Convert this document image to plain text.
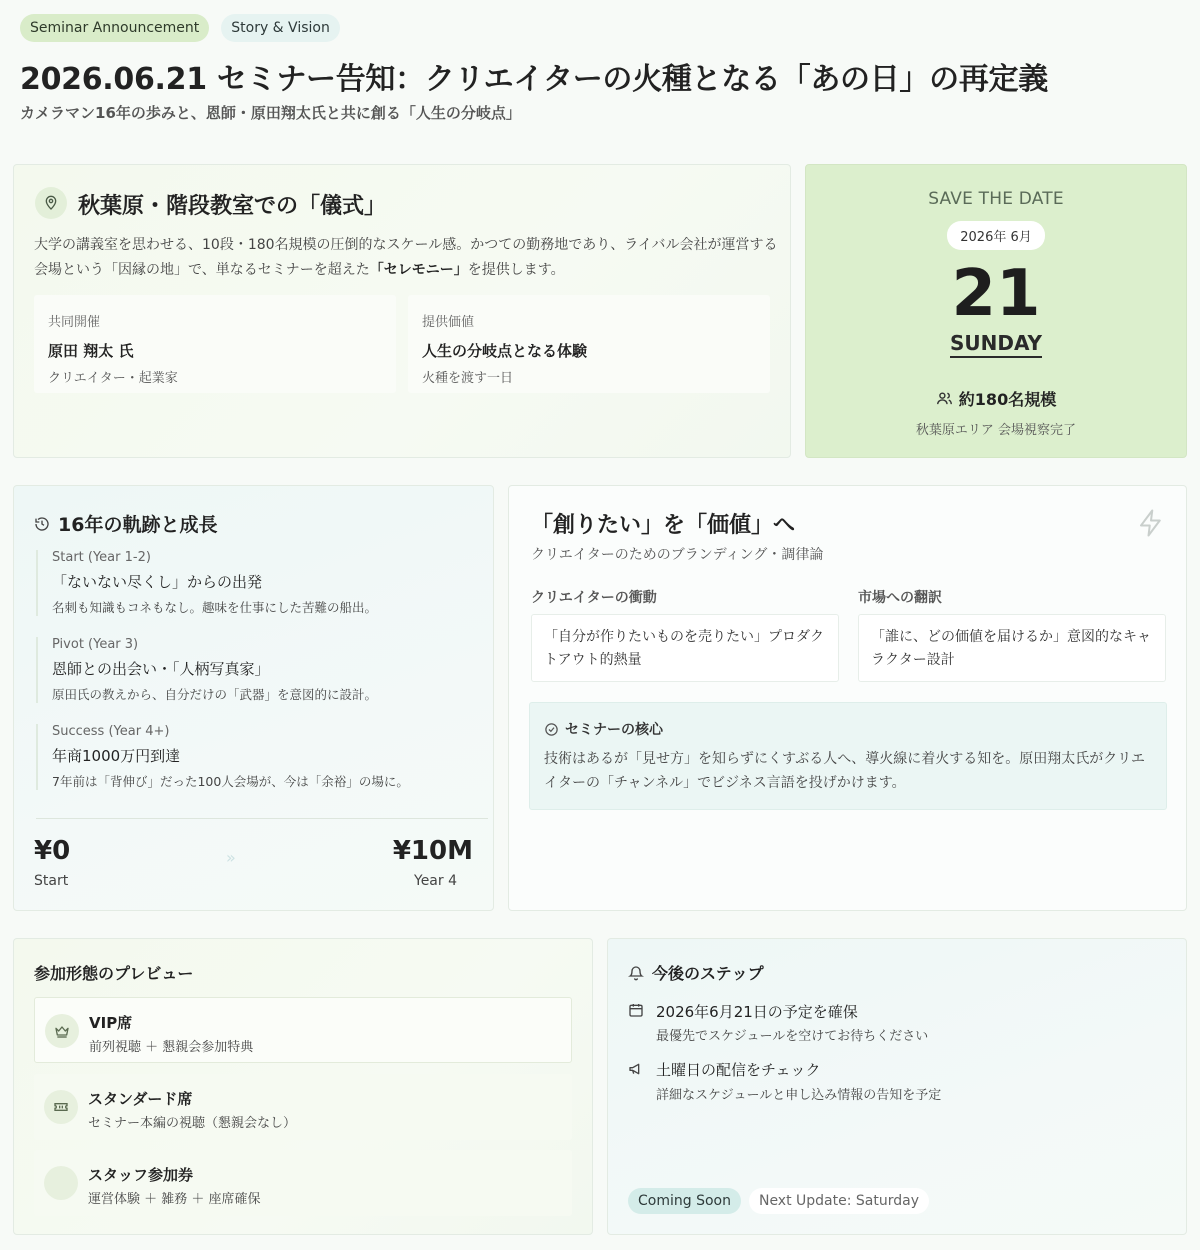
Seminar Announcement	Story & Vision
2026.06.21 セミナー告知：クリエイターの火種となる「あの日」の再定義
カメラマン16年の歩みと、恩師・原田翔太氏と共に創る「人生の分岐点」
秋葉原・階段教室での「儀式」

大学の講義室を思わせる、10段・180名規模の圧倒的なスケール感。かつての勤務地であり、ライバル会社が運営する会場という「因縁の地」で、単なるセミナーを超えた「セレモニー」を提供します。

共同開催
原田 翔太 氏
クリエイター・起業家
提供価値
人生の分岐点となる体験
火種を渡す一日
SAVE THE DATE
2026年 6月
21
SUNDAY
約180名規模
秋葉原エリア 会場視察完了
16年の軌跡と成長
Start (Year 1-2)
「ないない尽くし」からの出発
名刺も知識もコネもなし。趣味を仕事にした苦難の船出。
Pivot (Year 3)
恩師との出会い・「人柄写真家」
原田氏の教えから、自分だけの「武器」を意図的に設計。
Success (Year 4+)
年商1000万円到達
7年前は「背伸び」だった100人会場が、今は「余裕」の場に。
¥0
Start
»	¥10M
Year 4
「創りたい」を「価値」へ
クリエイターのためのブランディング・調律論
クリエイターの衝動
「自分が作りたいものを売りたい」プロダクトアウト的熱量
市場への翻訳
「誰に、どの価値を届けるか」意図的なキャラクター設計
セミナーの核心
技術はあるが「見せ方」を知らずにくすぶる人へ、導火線に着火する知を。原田翔太氏がクリエイターの「チャンネル」でビジネス言語を投げかけます。
参加形態のプレビュー
VIP席
前列視聴 ＋ 懇親会参加特典
スタンダード席
セミナー本編の視聴（懇親会なし）
スタッフ参加券
運営体験 ＋ 雑務 ＋ 座席確保
今後のステップ
2026年6月21日の予定を確保
最優先でスケジュールを空けてお待ちください
土曜日の配信をチェック
詳細なスケジュールと申し込み情報の告知を予定
Coming Soon	Next Update: Saturday
